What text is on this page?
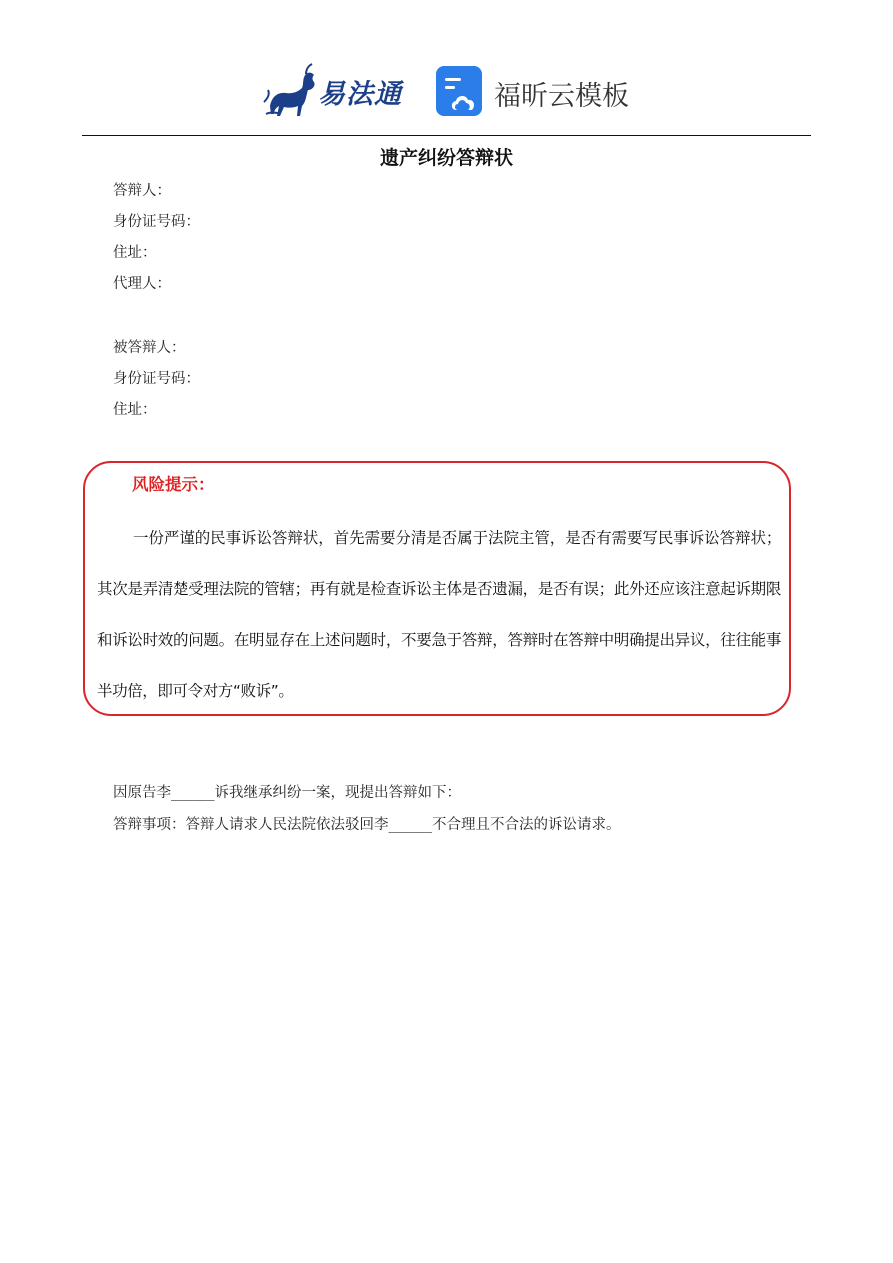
易法通	福昕云模板
遗产纠纷答辩状
答辩人：
身份证号码：
住址：
代理人：
被答辩人：
身份证号码：
住址：
风险提示：

一份严谨的民事诉讼答辩状，首先需要分清是否属于法院主管，是否有需要写民事诉讼答辩状；其次是弄清楚受理法院的管辖；再有就是检查诉讼主体是否遗漏，是否有误；此外还应该注意起诉期限和诉讼时效的问题。在明显存在上述问题时，不要急于答辩，答辩时在答辩中明确提出异议，往往能事半功倍，即可令对方“败诉”。

因原告李______诉我继承纠纷一案，现提出答辩如下：
答辩事项：答辩人请求人民法院依法驳回李______不合理且不合法的诉讼请求。
